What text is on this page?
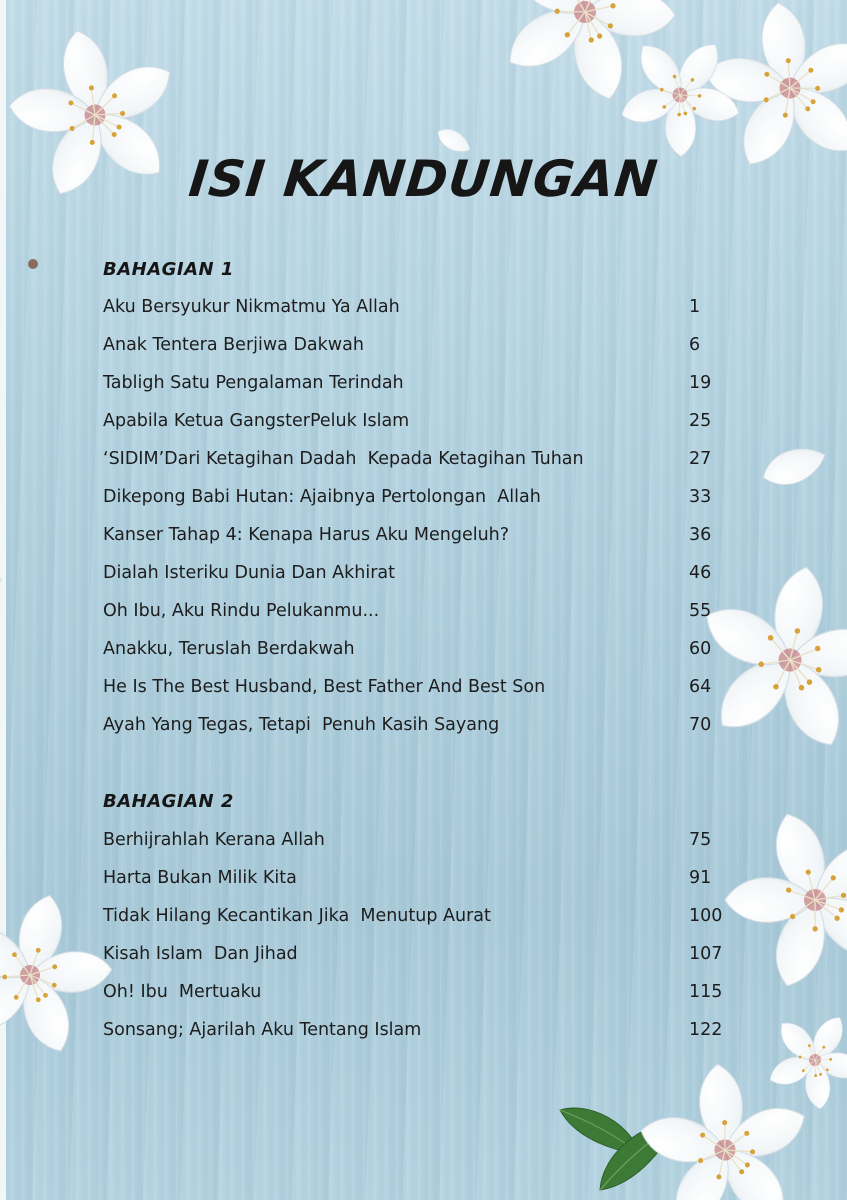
ISI KANDUNGAN
BAHAGIAN 1
Aku Bersyukur Nikmatmu Ya Allah	1
Anak Tentera Berjiwa Dakwah	6
Tabligh Satu Pengalaman Terindah	19
Apabila Ketua GangsterPeluk Islam	25
‘SIDIM’Dari Ketagihan Dadah  Kepada Ketagihan Tuhan	27
Dikepong Babi Hutan: Ajaibnya Pertolongan  Allah	33
Kanser Tahap 4: Kenapa Harus Aku Mengeluh?	36
Dialah Isteriku Dunia Dan Akhirat	46
Oh Ibu, Aku Rindu Pelukanmu...	55
Anakku, Teruslah Berdakwah	60
He Is The Best Husband, Best Father And Best Son	64
Ayah Yang Tegas, Tetapi  Penuh Kasih Sayang	70
BAHAGIAN 2
Berhijrahlah Kerana Allah	75
Harta Bukan Milik Kita	91
Tidak Hilang Kecantikan Jika  Menutup Aurat	100
Kisah Islam  Dan Jihad	107
Oh! Ibu  Mertuaku	115
Sonsang; Ajarilah Aku Tentang Islam	122
